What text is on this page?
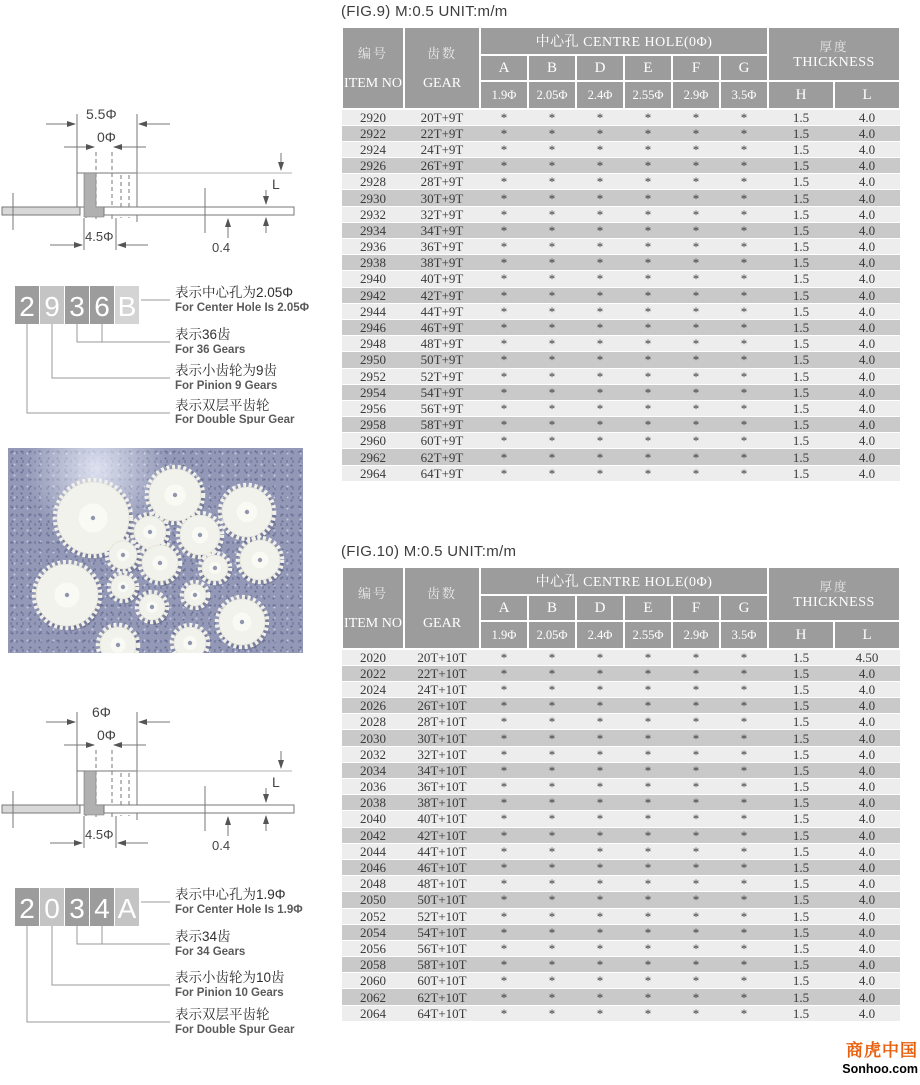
5.5Φ
0Φ
L
0.4
4.5Φ
2 9 3 6 B	表示中心孔为2.05Φ
For Center Hole Is 2.05Φ
表示36齿
For 36 Gears
表示小齿轮为9齿
For Pinion 9 Gears
表示双层平齿轮
For Double Spur Gear
6Φ
0Φ
L
0.4
4.5Φ
2 0 3 4 A	表示中心孔为1.9Φ
For Center Hole Is 1.9Φ
表示34齿
For 34 Gears
表示小齿轮为10齿
For Pinion 10 Gears
表示双层平齿轮
For Double Spur Gear
(FIG.9) M:0.5 UNIT:m/m
编号
ITEM NO

齿数
GEAR
	中心孔 CENTRE HOLE(0Φ)	厚度
THICKNESS

		A	B	D	E	F	G		
		1.9Φ	2.05Φ	2.4Φ	2.55Φ	2.9Φ	3.5Φ	H	L
2920	20T+9T	*	*	*	*	*	*	1.5	4.0
2922	22T+9T	*	*	*	*	*	*	1.5	4.0
2924	24T+9T	*	*	*	*	*	*	1.5	4.0
2926	26T+9T	*	*	*	*	*	*	1.5	4.0
2928	28T+9T	*	*	*	*	*	*	1.5	4.0
2930	30T+9T	*	*	*	*	*	*	1.5	4.0
2932	32T+9T	*	*	*	*	*	*	1.5	4.0
2934	34T+9T	*	*	*	*	*	*	1.5	4.0
2936	36T+9T	*	*	*	*	*	*	1.5	4.0
2938	38T+9T	*	*	*	*	*	*	1.5	4.0
2940	40T+9T	*	*	*	*	*	*	1.5	4.0
2942	42T+9T	*	*	*	*	*	*	1.5	4.0
2944	44T+9T	*	*	*	*	*	*	1.5	4.0
2946	46T+9T	*	*	*	*	*	*	1.5	4.0
2948	48T+9T	*	*	*	*	*	*	1.5	4.0
2950	50T+9T	*	*	*	*	*	*	1.5	4.0
2952	52T+9T	*	*	*	*	*	*	1.5	4.0
2954	54T+9T	*	*	*	*	*	*	1.5	4.0
2956	56T+9T	*	*	*	*	*	*	1.5	4.0
2958	58T+9T	*	*	*	*	*	*	1.5	4.0
2960	60T+9T	*	*	*	*	*	*	1.5	4.0
2962	62T+9T	*	*	*	*	*	*	1.5	4.0
2964	64T+9T	*	*	*	*	*	*	1.5	4.0
(FIG.10) M:0.5 UNIT:m/m
编号
ITEM NO

齿数
GEAR
	中心孔 CENTRE HOLE(0Φ)	厚度
THICKNESS

		A	B	D	E	F	G		
		1.9Φ	2.05Φ	2.4Φ	2.55Φ	2.9Φ	3.5Φ	H	L
2020	20T+10T	*	*	*	*	*	*	1.5	4.50
2022	22T+10T	*	*	*	*	*	*	1.5	4.0
2024	24T+10T	*	*	*	*	*	*	1.5	4.0
2026	26T+10T	*	*	*	*	*	*	1.5	4.0
2028	28T+10T	*	*	*	*	*	*	1.5	4.0
2030	30T+10T	*	*	*	*	*	*	1.5	4.0
2032	32T+10T	*	*	*	*	*	*	1.5	4.0
2034	34T+10T	*	*	*	*	*	*	1.5	4.0
2036	36T+10T	*	*	*	*	*	*	1.5	4.0
2038	38T+10T	*	*	*	*	*	*	1.5	4.0
2040	40T+10T	*	*	*	*	*	*	1.5	4.0
2042	42T+10T	*	*	*	*	*	*	1.5	4.0
2044	44T+10T	*	*	*	*	*	*	1.5	4.0
2046	46T+10T	*	*	*	*	*	*	1.5	4.0
2048	48T+10T	*	*	*	*	*	*	1.5	4.0
2050	50T+10T	*	*	*	*	*	*	1.5	4.0
2052	52T+10T	*	*	*	*	*	*	1.5	4.0
2054	54T+10T	*	*	*	*	*	*	1.5	4.0
2056	56T+10T	*	*	*	*	*	*	1.5	4.0
2058	58T+10T	*	*	*	*	*	*	1.5	4.0
2060	60T+10T	*	*	*	*	*	*	1.5	4.0
2062	62T+10T	*	*	*	*	*	*	1.5	4.0
2064	64T+10T	*	*	*	*	*	*	1.5	4.0
商虎中国
Sonhoo.com
